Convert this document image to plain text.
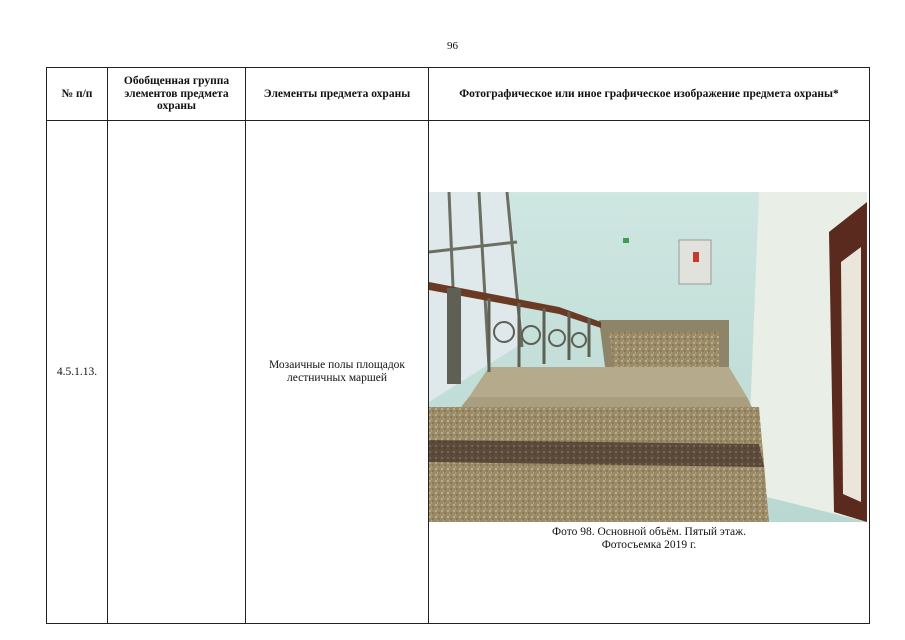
96
№ п/п	Обобщенная группа элементов предмета охраны	Элементы предмета охраны	Фотографическое или иное графическое изображение предмета охраны*
4.5.1.13.		Мозаичные полы площадок лестничных маршей	Фото 98. Основной объём. Пятый этаж.
Фотосъемка 2019 г.
